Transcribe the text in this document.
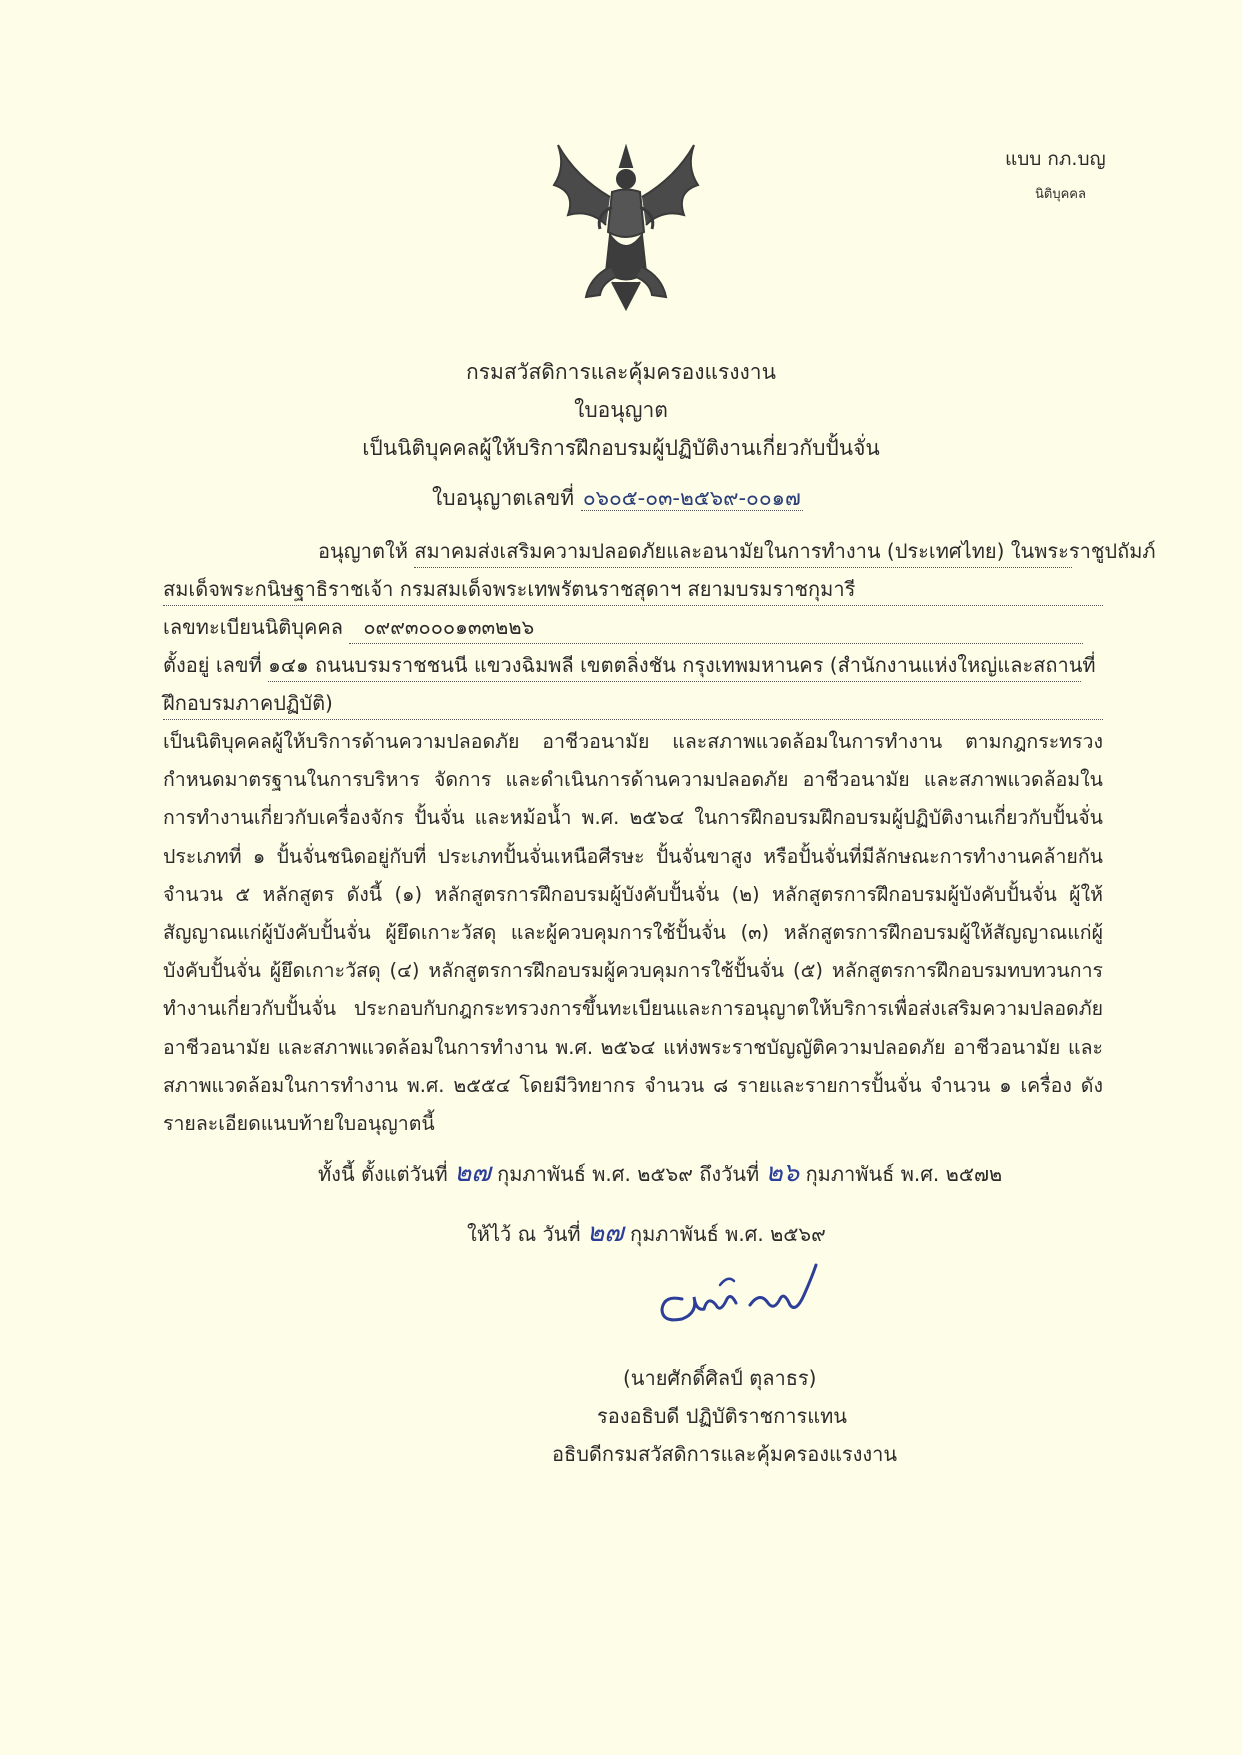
แบบ กภ.บญ
นิติบุคคล
กรมสวัสดิการและคุ้มครองแรงงาน
ใบอนุญาต
เป็นนิติบุคคลผู้ให้บริการฝึกอบรมผู้ปฏิบัติงานเกี่ยวกับปั้นจั่น
ใบอนุญาตเลขที่ ๐๖๐๕-๐๓-๒๕๖๙-๐๐๑๗
อนุญาตให้ สมาคมส่งเสริมความปลอดภัยและอนามัยในการทำงาน (ประเทศไทย) ในพระราชูปถัมภ์
สมเด็จพระกนิษฐาธิราชเจ้า กรมสมเด็จพระเทพรัตนราชสุดาฯ สยามบรมราชกุมารี
เลขทะเบียนนิติบุคคล ๐๙๙๓๐๐๐๑๓๓๒๒๖
ตั้งอยู่ เลขที่ ๑๔๑ ถนนบรมราชชนนี แขวงฉิมพลี เขตตลิ่งชัน กรุงเทพมหานคร (สำนักงานแห่งใหญ่และสถานที่
ฝึกอบรมภาคปฏิบัติ)
เป็นนิติบุคคลผู้ให้บริการด้านความปลอดภัย อาชีวอนามัย และสภาพแวดล้อมในการทำงาน ตามกฎกระทรวงกำหนดมาตรฐานในการบริหาร จัดการ และดำเนินการด้านความปลอดภัย อาชีวอนามัย และสภาพแวดล้อมในการทำงานเกี่ยวกับเครื่องจักร ปั้นจั่น และหม้อน้ำ พ.ศ. ๒๕๖๔ ในการฝึกอบรมฝึกอบรมผู้ปฏิบัติงานเกี่ยวกับปั้นจั่น ประเภทที่ ๑ ปั้นจั่นชนิดอยู่กับที่ ประเภทปั้นจั่นเหนือศีรษะ ปั้นจั่นขาสูง หรือปั้นจั่นที่มีลักษณะการทำงานคล้ายกัน จำนวน ๕ หลักสูตร ดังนี้ (๑) หลักสูตรการฝึกอบรมผู้บังคับปั้นจั่น (๒) หลักสูตรการฝึกอบรมผู้บังคับปั้นจั่น ผู้ให้สัญญาณแก่ผู้บังคับปั้นจั่น ผู้ยึดเกาะวัสดุ และผู้ควบคุมการใช้ปั้นจั่น (๓) หลักสูตรการฝึกอบรมผู้ให้สัญญาณแก่ผู้บังคับปั้นจั่น ผู้ยึดเกาะวัสดุ (๔) หลักสูตรการฝึกอบรมผู้ควบคุมการใช้ปั้นจั่น (๕) หลักสูตรการฝึกอบรมทบทวนการทำงานเกี่ยวกับปั้นจั่น ประกอบกับกฎกระทรวงการขึ้นทะเบียนและการอนุญาตให้บริการเพื่อส่งเสริมความปลอดภัย อาชีวอนามัย และสภาพแวดล้อมในการทำงาน พ.ศ. ๒๕๖๔ แห่งพระราชบัญญัติความปลอดภัย อาชีวอนามัย และสภาพแวดล้อมในการทำงาน พ.ศ. ๒๕๕๔ โดยมีวิทยากร จำนวน ๘ รายและรายการปั้นจั่น จำนวน ๑ เครื่อง ดังรายละเอียดแนบท้ายใบอนุญาตนี้
ทั้งนี้ ตั้งแต่วันที่ ๒๗ กุมภาพันธ์ พ.ศ. ๒๕๖๙ ถึงวันที่ ๒๖ กุมภาพันธ์ พ.ศ. ๒๕๗๒
ให้ไว้ ณ วันที่ ๒๗ กุมภาพันธ์ พ.ศ. ๒๕๖๙
(นายศักดิ์ศิลป์ ตุลาธร)
รองอธิบดี ปฏิบัติราชการแทน
อธิบดีกรมสวัสดิการและคุ้มครองแรงงาน
